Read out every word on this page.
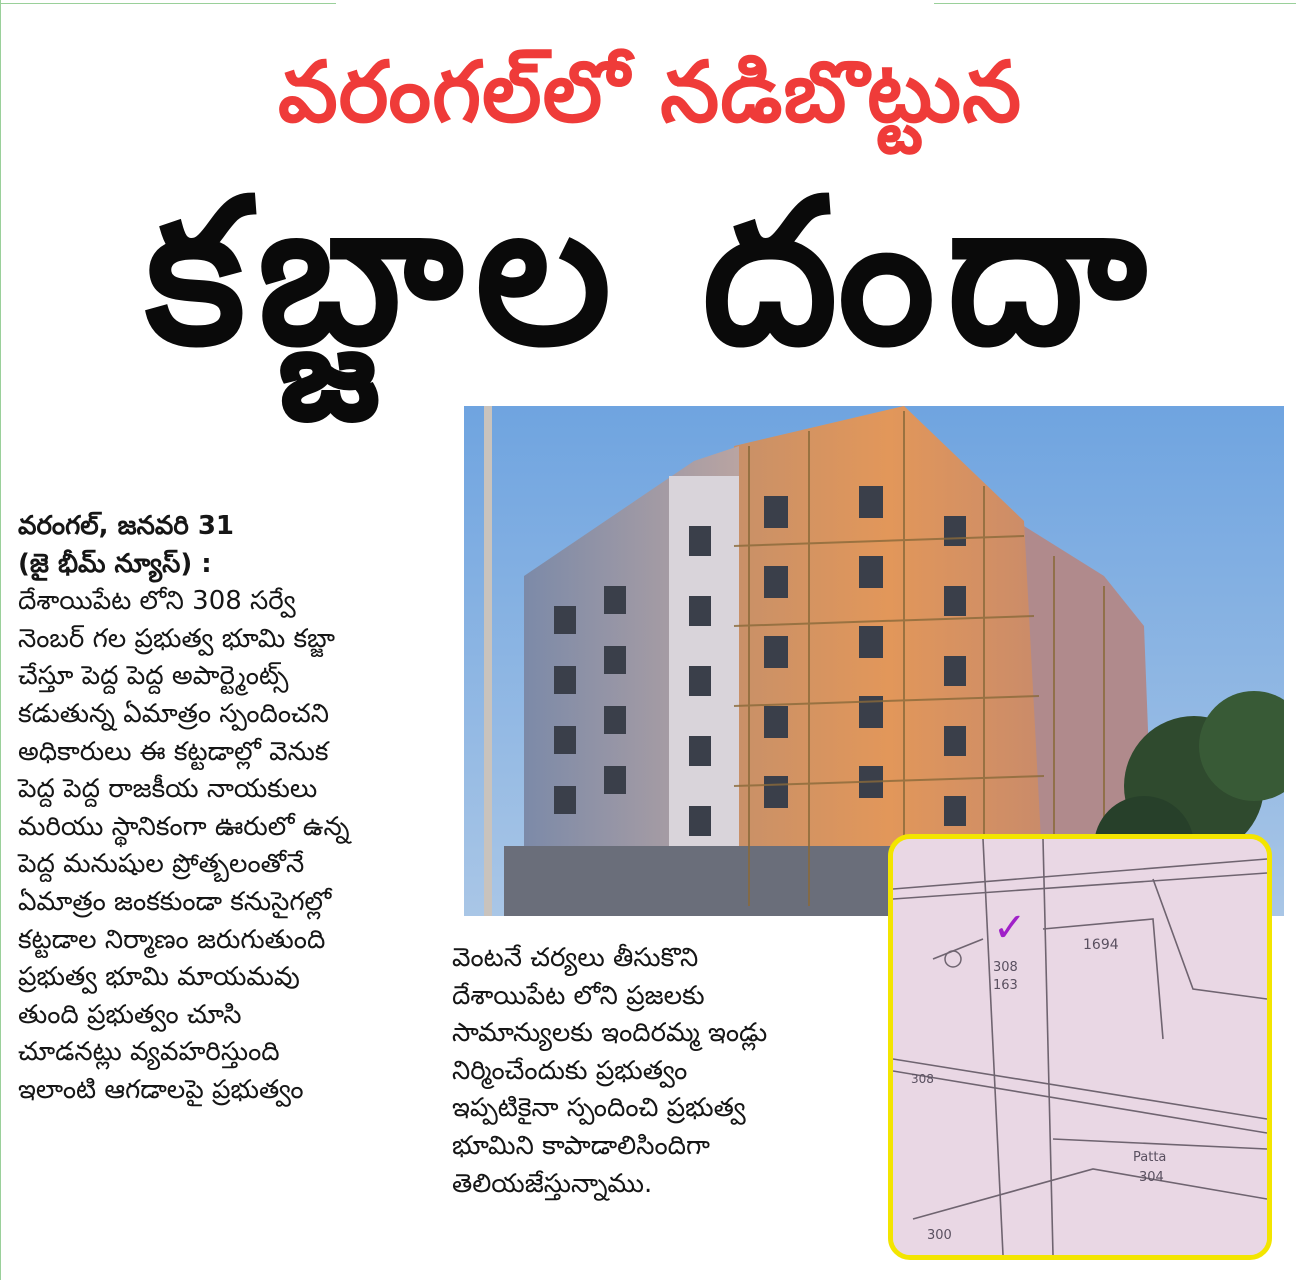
వరంగల్‌లో నడిబొట్టున
కబ్జాల దందా
✓
308
163
1694
308
Patta
304
300

వరంగల్, జనవరి 31

(జై భీమ్ న్యూస్) :

దేశాయిపేట లోని 308 సర్వే

నెంబర్ గల ప్రభుత్వ భూమి కబ్జా

చేస్తూ పెద్ద పెద్ద అపార్ట్మెంట్స్

కడుతున్న ఏమాత్రం స్పందించని

అధికారులు ఈ కట్టడాల్లో వెనుక

పెద్ద పెద్ద రాజకీయ నాయకులు

మరియు స్థానికంగా ఊరులో ఉన్న

పెద్ద మనుషుల ప్రోత్బలంతోనే

ఏమాత్రం జంకకుండా కనుసైగల్లో

కట్టడాల నిర్మాణం జరుగుతుంది

ప్రభుత్వ భూమి మాయమవు

తుంది ప్రభుత్వం చూసి

చూడనట్లు వ్యవహరిస్తుంది

ఇలాంటి ఆగడాలపై ప్రభుత్వం

వెంటనే చర్యలు తీసుకొని

దేశాయిపేట లోని ప్రజలకు

సామాన్యులకు ఇందిరమ్మ ఇండ్లు

నిర్మించేందుకు ప్రభుత్వం

ఇప్పటికైనా స్పందించి ప్రభుత్వ

భూమిని కాపాడాలిసిందిగా

తెలియజేస్తున్నాము.
